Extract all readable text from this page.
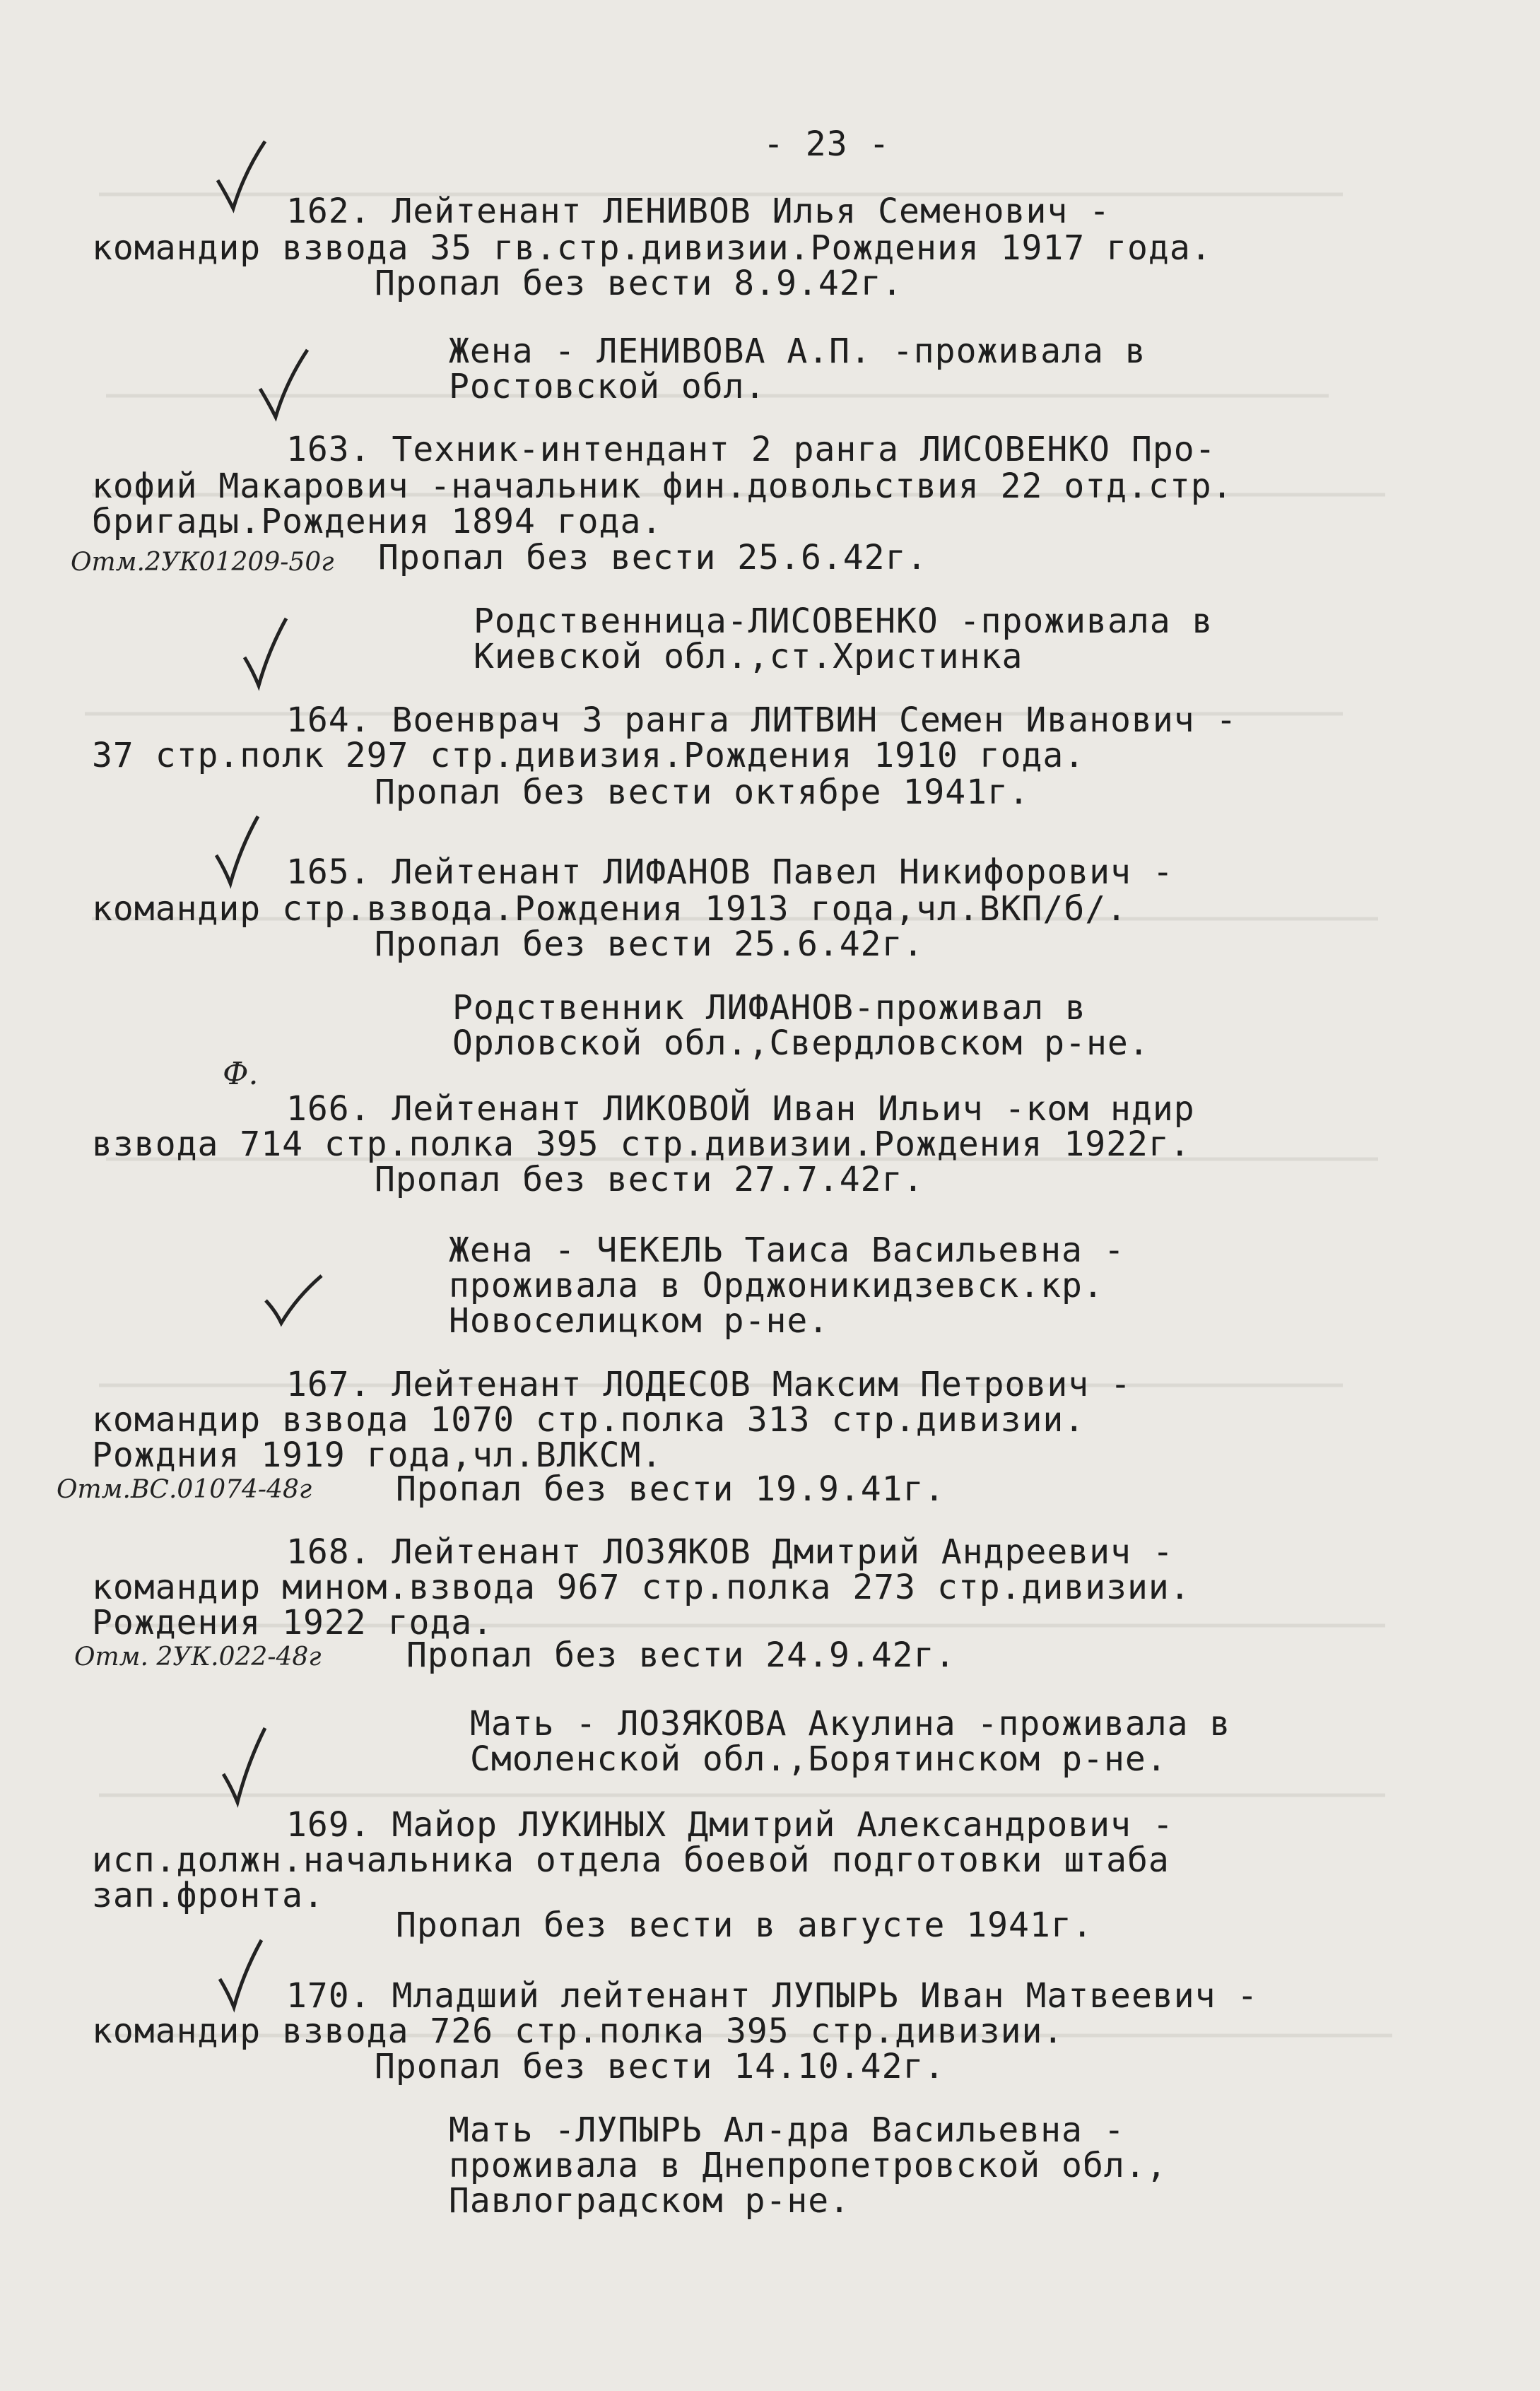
- 23 -
162. Лейтенант ЛЕНИВОВ Илья Семенович -
командир взвода 35 гв.стр.дивизии.Рождения 1917 года.
Пропал без вести 8.9.42г.
Жена - ЛЕНИВОВА А.П. -проживала в
Ростовской обл.
163. Техник-интендант 2 ранга ЛИСОВЕНКО Про-
кофий Макарович -начальник фин.довольствия 22 отд.стр.
бригады.Рождения 1894 года.
Отм.2УК01209-50г Пропал без вести 25.6.42г.
Родственница-ЛИСОВЕНКО -проживала в
Киевской обл.,ст.Христинка
164. Военврач 3 ранга ЛИТВИН Семен Иванович -
37 стр.полк 297 стр.дивизия.Рождения 1910 года.
Пропал без вести октябре 1941г.
165. Лейтенант ЛИФАНОВ Павел Никифорович -
командир стр.взвода.Рождения 1913 года,чл.ВКП/б/.
Пропал без вести 25.6.42г.
Родственник ЛИФАНОВ-проживал в
Орловской обл.,Свердловском р-не.
Ф.
166. Лейтенант ЛИКОВОЙ Иван Ильич -ком ндир
взвода 714 стр.полка 395 стр.дивизии.Рождения 1922г.
Пропал без вести 27.7.42г.
Жена - ЧЕКЕЛЬ Таиса Васильевна -
проживала в Орджоникидзевск.кр.
Новоселицком р-не.
167. Лейтенант ЛОДЕСОВ Максим Петрович -
командир взвода 1070 стр.полка 313 стр.дивизии.
Рождния 1919 года,чл.ВЛКСМ.
Отм.ВС.01074-48г Пропал без вести 19.9.41г.
168. Лейтенант ЛОЗЯКОВ Дмитрий Андреевич -
командир мином.взвода 967 стр.полка 273 стр.дивизии.
Рождения 1922 года.
Отм. 2УК.022-48г	Пропал без вести 24.9.42г.
Мать - ЛОЗЯКОВА Акулина -проживала в
Смоленской обл.,Борятинском р-не.
169. Майор ЛУКИНЫХ Дмитрий Александрович -
исп.должн.начальника отдела боевой подготовки штаба
зап.фронта.
Пропал без вести в августе 1941г.
170. Младший лейтенант ЛУПЫРЬ Иван Матвеевич -
командир взвода 726 стр.полка 395 стр.дивизии.
Пропал без вести 14.10.42г.
Мать -ЛУПЫРЬ Ал-дра Васильевна -
проживала в Днепропетровской обл.,
Павлоградском р-не.
